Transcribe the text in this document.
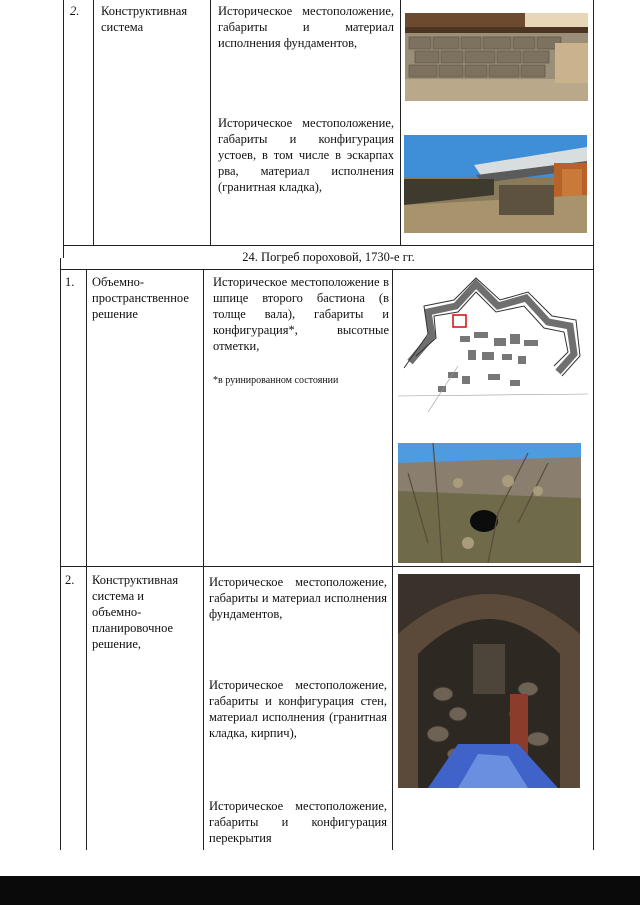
2. Конструктивная
система
Историческое местоположение, габариты и материал исполнения фундаментов,
Историческое местоположение, габариты и конфигурация устоев, в том числе в эскарпах рва, материал исполнения (гранитная кладка),
24. Погреб пороховой, 1730-е гг.
1. Объемно-
пространственное
решение
Историческое местоположение в шпице второго бастиона (в толще вала), габариты и конфигурация*, высотные отметки,
*в руинированном состоянии
2. Конструктивная
система и
объемно-
планировочное
решение,
Историческое местоположение, габариты и материал исполнения фундаментов,
Историческое местоположение, габариты и конфигурация стен, материал исполнения (гранитная кладка, кирпич),
Историческое местоположение, габариты и конфигурация перекрытия
